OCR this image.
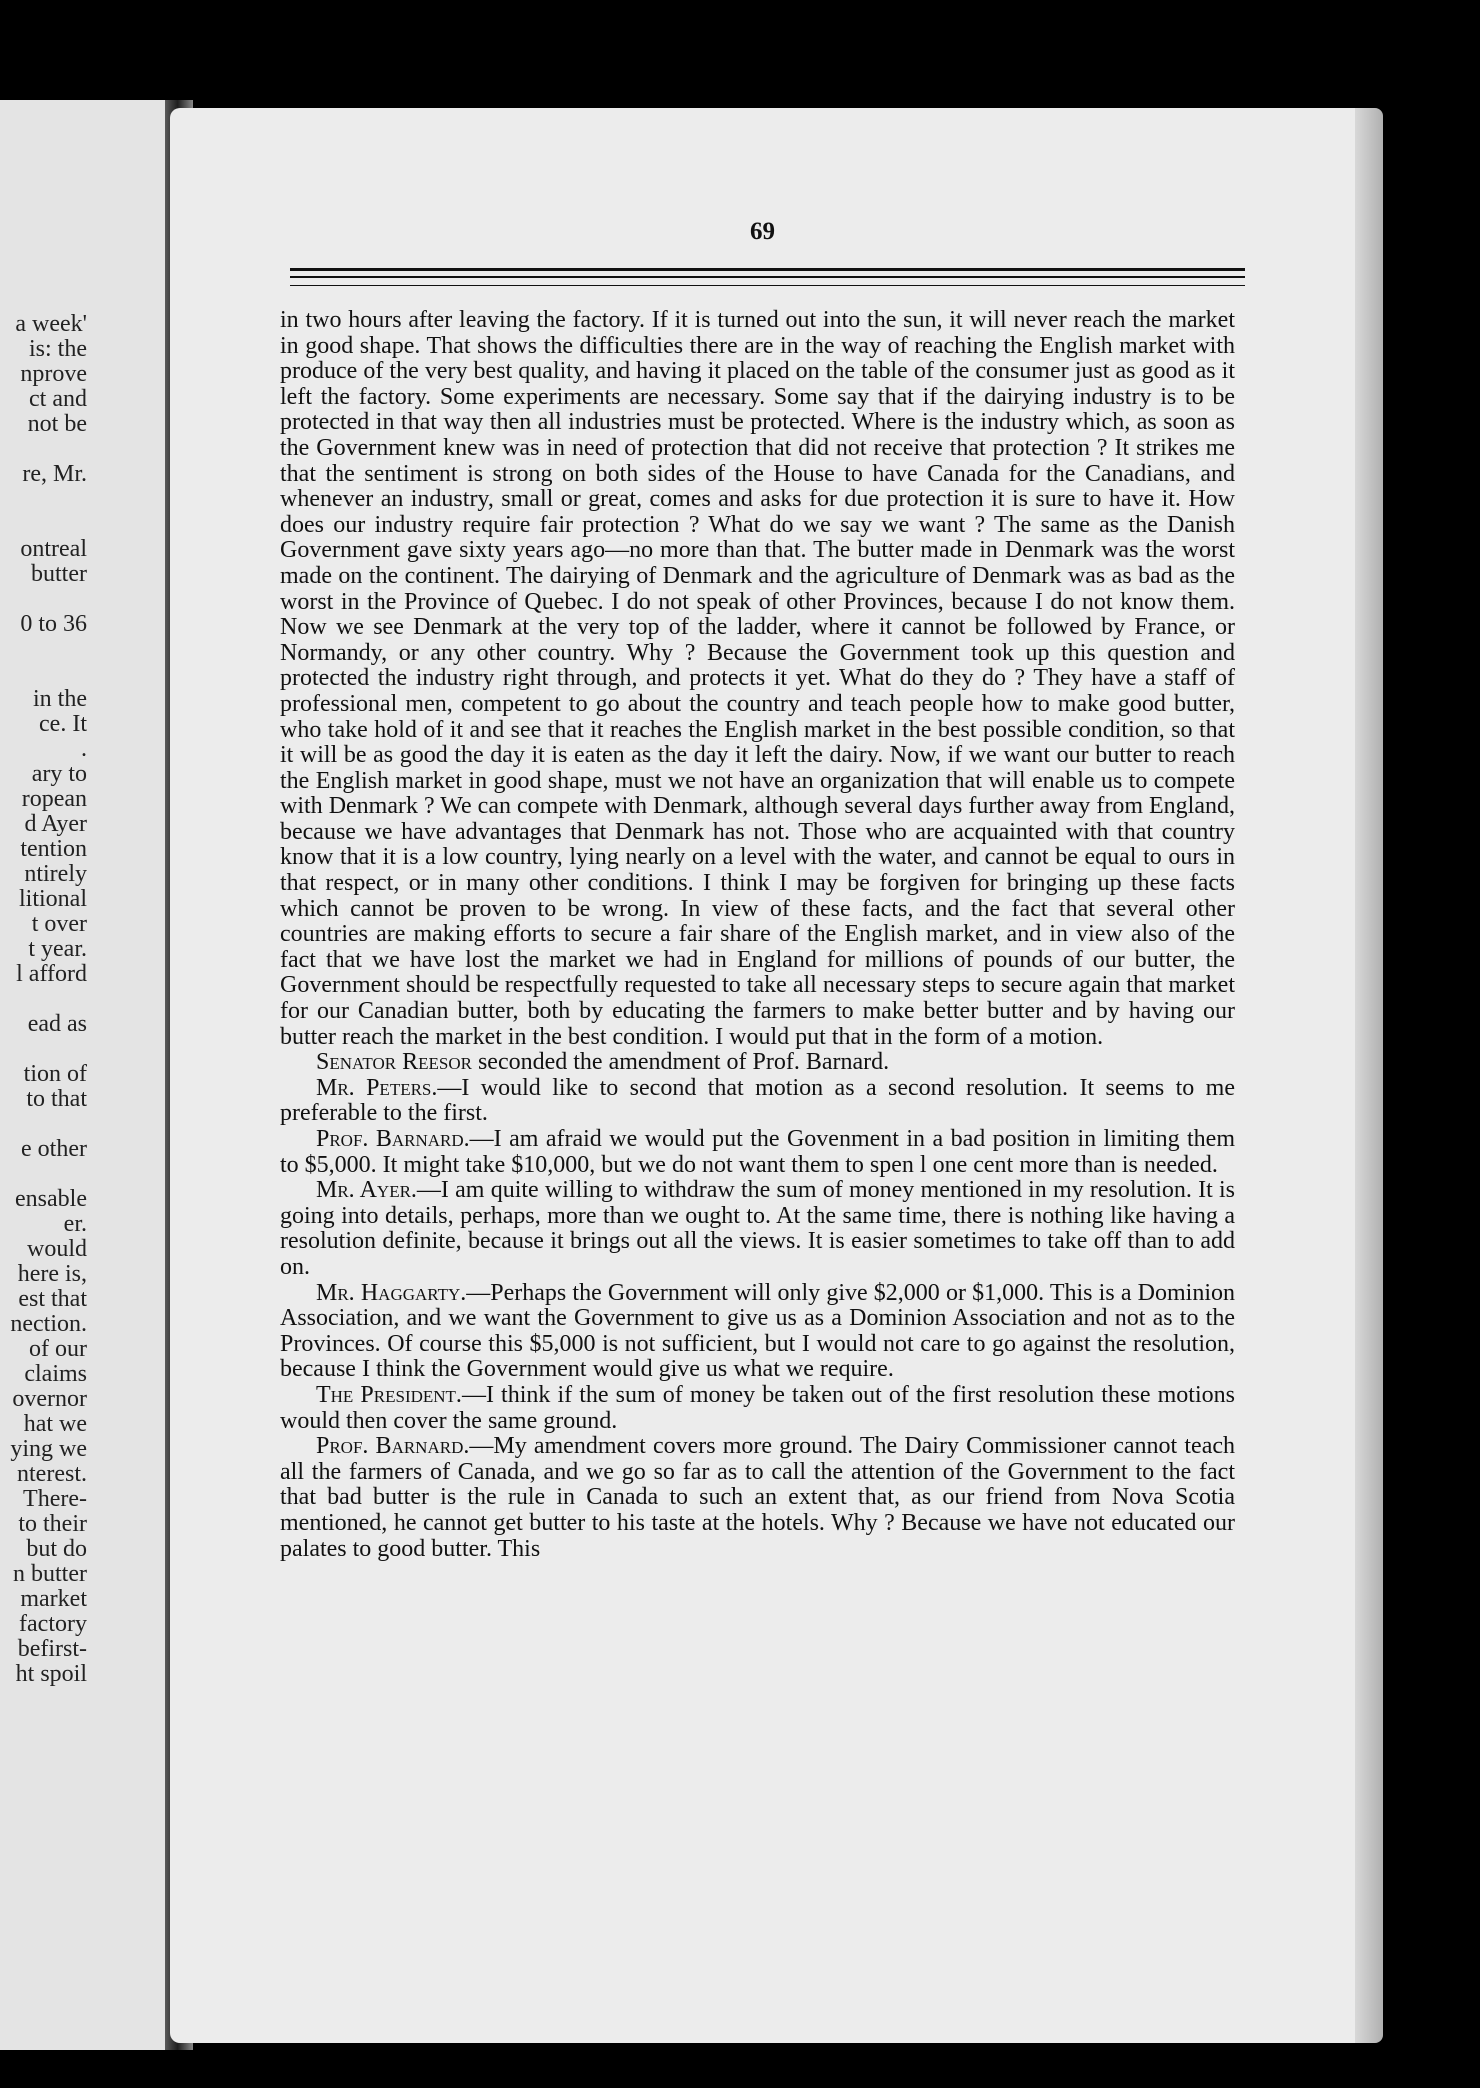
a week'
is: the
nprove
ct and
not be

re, Mr.

ontreal
butter

0 to 36

in the
ce. It
.
ary to
ropean
d Ayer
tention
ntirely
litional
t over
t year.
l afford

ead as

tion of
to that

e other

ensable
er.
would
here is,
est that
nection.
of our
claims
overnor
hat we
ying we
nterest.
There-
to their
but do
n butter
market
factory
befirst-
ht spoil
69

in two hours after leaving the factory. If it is turned out into the sun, it will never reach the market in good shape. That shows the difficulties there are in the way of reaching the English market with produce of the very best quality, and having it placed on the table of the consumer just as good as it left the factory. Some experiments are necessary. Some say that if the dairying industry is to be protected in that way then all industries must be protected. Where is the industry which, as soon as the Government knew was in need of protection that did not receive that protection ? It strikes me that the sentiment is strong on both sides of the House to have Canada for the Canadians, and whenever an industry, small or great, comes and asks for due protection it is sure to have it. How does our industry require fair protection ? What do we say we want ? The same as the Danish Government gave sixty years ago—no more than that. The butter made in Denmark was the worst made on the continent. The dairying of Denmark and the agriculture of Denmark was as bad as the worst in the Province of Quebec. I do not speak of other Provinces, because I do not know them. Now we see Denmark at the very top of the ladder, where it cannot be followed by France, or Normandy, or any other country. Why ? Because the Government took up this question and protected the industry right through, and protects it yet. What do they do ? They have a staff of professional men, competent to go about the country and teach people how to make good butter, who take hold of it and see that it reaches the English market in the best possible condition, so that it will be as good the day it is eaten as the day it left the dairy. Now, if we want our butter to reach the English market in good shape, must we not have an organization that will enable us to compete with Denmark ? We can compete with Denmark, although several days further away from England, because we have advantages that Denmark has not. Those who are acquainted with that country know that it is a low country, lying nearly on a level with the water, and cannot be equal to ours in that respect, or in many other conditions. I think I may be forgiven for bringing up these facts which cannot be proven to be wrong. In view of these facts, and the fact that several other countries are making efforts to secure a fair share of the English market, and in view also of the fact that we have lost the market we had in England for millions of pounds of our butter, the Government should be respectfully requested to take all necessary steps to secure again that market for our Canadian butter, both by educating the farmers to make better butter and by having our butter reach the market in the best condition. I would put that in the form of a motion.

Senator Reesor seconded the amendment of Prof. Barnard.

Mr. Peters.—I would like to second that motion as a second resolution. It seems to me preferable to the first.

Prof. Barnard.—I am afraid we would put the Govenment in a bad position in limiting them to $5,000. It might take $10,000, but we do not want them to spen l one cent more than is needed.

Mr. Ayer.—I am quite willing to withdraw the sum of money mentioned in my resolution. It is going into details, perhaps, more than we ought to. At the same time, there is nothing like having a resolution definite, because it brings out all the views. It is easier sometimes to take off than to add on.

Mr. Haggarty.—Perhaps the Government will only give $2,000 or $1,000. This is a Dominion Association, and we want the Government to give us as a Dominion Association and not as to the Provinces. Of course this $5,000 is not sufficient, but I would not care to go against the resolution, because I think the Government would give us what we require.

The President.—I think if the sum of money be taken out of the first resolution these motions would then cover the same ground.

Prof. Barnard.—My amendment covers more ground. The Dairy Commissioner cannot teach all the farmers of Canada, and we go so far as to call the attention of the Government to the fact that bad butter is the rule in Canada to such an extent that, as our friend from Nova Scotia mentioned, he cannot get butter to his taste at the hotels. Why ? Because we have not educated our palates to good butter. This
